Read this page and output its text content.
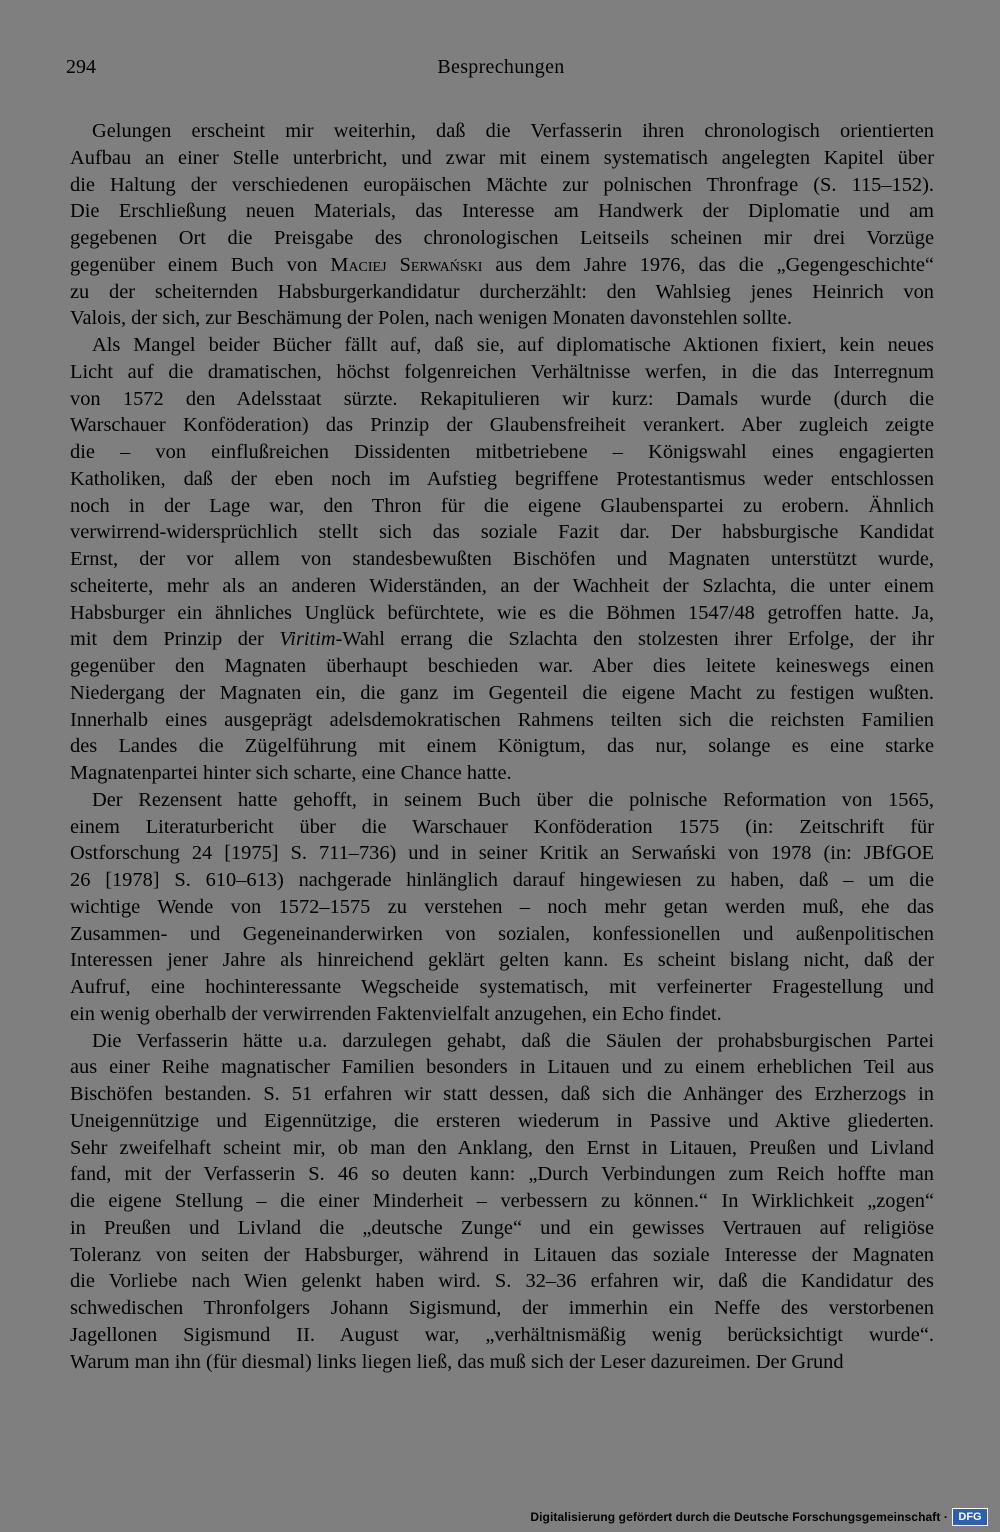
294	Besprechungen
Gelungen erscheint mir weiterhin, daß die Verfasserin ihren chronologisch orientierten
Aufbau an einer Stelle unterbricht, und zwar mit einem systematisch angelegten Kapitel über
die Haltung der verschiedenen europäischen Mächte zur polnischen Thronfrage (S. 115–152).
Die Erschließung neuen Materials, das Interesse am Handwerk der Diplomatie und am
gegebenen Ort die Preisgabe des chronologischen Leitseils scheinen mir drei Vorzüge
gegenüber einem Buch von Maciej Serwański aus dem Jahre 1976, das die „Gegengeschichte“
zu der scheiternden Habsburgerkandidatur durcherzählt: den Wahlsieg jenes Heinrich von
Valois, der sich, zur Beschämung der Polen, nach wenigen Monaten davonstehlen sollte.
Als Mangel beider Bücher fällt auf, daß sie, auf diplomatische Aktionen fixiert, kein neues
Licht auf die dramatischen, höchst folgenreichen Verhältnisse werfen, in die das Interregnum
von 1572 den Adelsstaat sürzte. Rekapitulieren wir kurz: Damals wurde (durch die
Warschauer Konföderation) das Prinzip der Glaubensfreiheit verankert. Aber zugleich zeigte
die – von einflußreichen Dissidenten mitbetriebene – Königswahl eines engagierten
Katholiken, daß der eben noch im Aufstieg begriffene Protestantismus weder entschlossen
noch in der Lage war, den Thron für die eigene Glaubenspartei zu erobern. Ähnlich
verwirrend-widersprüchlich stellt sich das soziale Fazit dar. Der habsburgische Kandidat
Ernst, der vor allem von standesbewußten Bischöfen und Magnaten unterstützt wurde,
scheiterte, mehr als an anderen Widerständen, an der Wachheit der Szlachta, die unter einem
Habsburger ein ähnliches Unglück befürchtete, wie es die Böhmen 1547/48 getroffen hatte. Ja,
mit dem Prinzip der Viritim-Wahl errang die Szlachta den stolzesten ihrer Erfolge, der ihr
gegenüber den Magnaten überhaupt beschieden war. Aber dies leitete keineswegs einen
Niedergang der Magnaten ein, die ganz im Gegenteil die eigene Macht zu festigen wußten.
Innerhalb eines ausgeprägt adelsdemokratischen Rahmens teilten sich die reichsten Familien
des Landes die Zügelführung mit einem Königtum, das nur, solange es eine starke
Magnatenpartei hinter sich scharte, eine Chance hatte.
Der Rezensent hatte gehofft, in seinem Buch über die polnische Reformation von 1565,
einem Literaturbericht über die Warschauer Konföderation 1575 (in: Zeitschrift für
Ostforschung 24 [1975] S. 711–736) und in seiner Kritik an Serwański von 1978 (in: JBfGOE
26 [1978] S. 610–613) nachgerade hinlänglich darauf hingewiesen zu haben, daß – um die
wichtige Wende von 1572–1575 zu verstehen – noch mehr getan werden muß, ehe das
Zusammen- und Gegeneinanderwirken von sozialen, konfessionellen und außenpolitischen
Interessen jener Jahre als hinreichend geklärt gelten kann. Es scheint bislang nicht, daß der
Aufruf, eine hochinteressante Wegscheide systematisch, mit verfeinerter Fragestellung und
ein wenig oberhalb der verwirrenden Faktenvielfalt anzugehen, ein Echo findet.
Die Verfasserin hätte u.a. darzulegen gehabt, daß die Säulen der prohabsburgischen Partei
aus einer Reihe magnatischer Familien besonders in Litauen und zu einem erheblichen Teil aus
Bischöfen bestanden. S. 51 erfahren wir statt dessen, daß sich die Anhänger des Erzherzogs in
Uneigennützige und Eigennützige, die ersteren wiederum in Passive und Aktive gliederten.
Sehr zweifelhaft scheint mir, ob man den Anklang, den Ernst in Litauen, Preußen und Livland
fand, mit der Verfasserin S. 46 so deuten kann: „Durch Verbindungen zum Reich hoffte man
die eigene Stellung – die einer Minderheit – verbessern zu können.“ In Wirklichkeit „zogen“
in Preußen und Livland die „deutsche Zunge“ und ein gewisses Vertrauen auf religiöse
Toleranz von seiten der Habsburger, während in Litauen das soziale Interesse der Magnaten
die Vorliebe nach Wien gelenkt haben wird. S. 32–36 erfahren wir, daß die Kandidatur des
schwedischen Thronfolgers Johann Sigismund, der immerhin ein Neffe des verstorbenen
Jagellonen Sigismund II. August war, „verhältnismäßig wenig berücksichtigt wurde“.
Warum man ihn (für diesmal) links liegen ließ, das muß sich der Leser dazureimen. Der Grund
Digitalisierung gefördert durch die Deutsche Forschungsgemeinschaft · DFG
